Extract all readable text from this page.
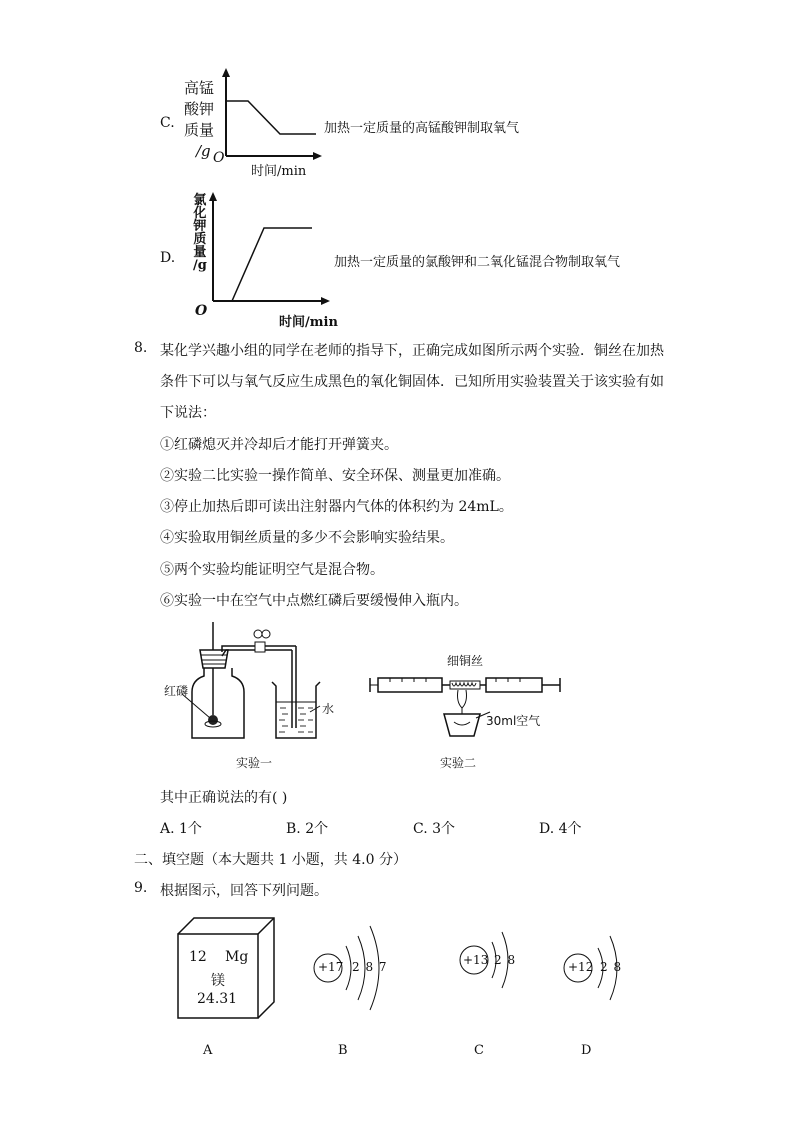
C.
高锰
酸钾
质量
/g O
时间/min
加热一定质量的高锰酸钾制取氧气
D.
氯
化
钾
质
量
/g
O
时间/min
加热一定质量的氯酸钾和二氧化锰混合物制取氧气
8. 某化学兴趣小组的同学在老师的指导下，正确完成如图所示两个实验．铜丝在加热
条件下可以与氧气反应生成黑色的氧化铜固体．已知所用实验装置关于该实验有如
下说法：
①红磷熄灭并冷却后才能打开弹簧夹。
②实验二比实验一操作简单、安全环保、测量更加准确。
③停止加热后即可读出注射器内气体的体积约为 24mL。
④实验取用铜丝质量的多少不会影响实验结果。
⑤两个实验均能证明空气是混合物。
⑥实验一中在空气中点燃红磷后要缓慢伸入瓶内。
红磷
水
实验一
细铜丝
30ml空气
实验二
其中正确说法的有( )
A. 1个	B. 2个	C. 3个	D. 4个
二、填空题（本大题共 1 小题，共 4.0 分）
9. 根据图示，回答下列问题。
12 Mg
镁
24.31
+17 2 8 7	+13 2 8	+12 2 8
A	B	C	D
